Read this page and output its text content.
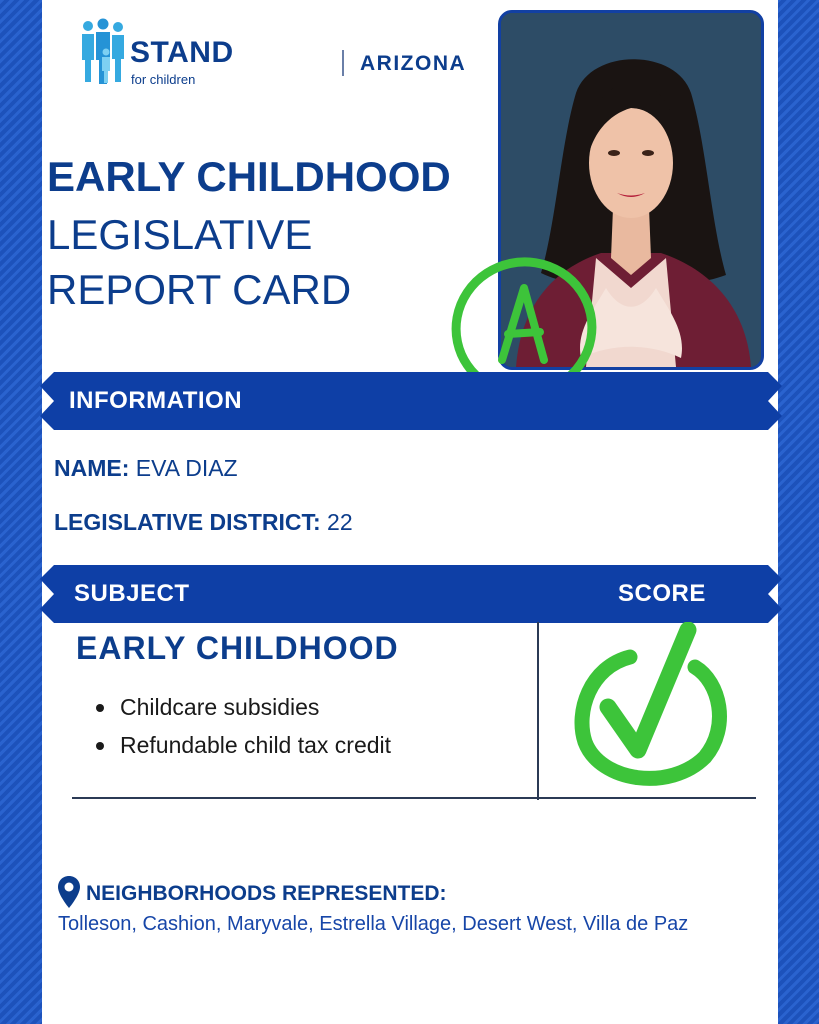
STAND
for children
ARIZONA
EARLY CHILDHOOD
LEGISLATIVE
REPORT CARD
INFORMATION
NAME: EVA DIAZ
LEGISLATIVE DISTRICT: 22
SUBJECT	SCORE
EARLY CHILDHOOD
Childcare subsidies
Refundable child tax credit
NEIGHBORHOODS REPRESENTED:
Tolleson, Cashion, Maryvale, Estrella Village, Desert West, Villa de Paz
